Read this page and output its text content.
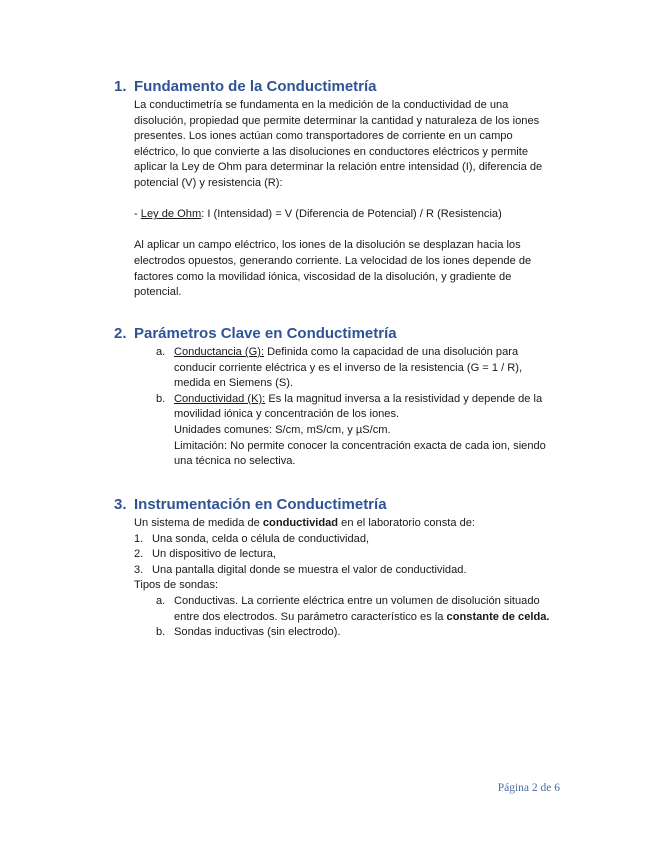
1. Fundamento de la Conductimetría

La conductimetría se fundamenta en la medición de la conductividad de una disolución, propiedad que permite determinar la cantidad y naturaleza de los iones presentes. Los iones actúan como transportadores de corriente en un campo eléctrico, lo que convierte a las disoluciones en conductores eléctricos y permite aplicar la Ley de Ohm para determinar la relación entre intensidad (I), diferencia de potencial (V) y resistencia (R):

- Ley de Ohm: I (Intensidad) = V (Diferencia de Potencial) / R (Resistencia)

Al aplicar un campo eléctrico, los iones de la disolución se desplazan hacia los electrodos opuestos, generando corriente. La velocidad de los iones depende de factores como la movilidad iónica, viscosidad de la disolución, y gradiente de potencial.

2. Parámetros Clave en Conductimetría
a. Conductancia (G): Definida como la capacidad de una disolución para conducir corriente eléctrica y es el inverso de la resistencia (G = 1 / R), medida en Siemens (S).
b. Conductividad (K): Es la magnitud inversa a la resistividad y depende de la movilidad iónica y concentración de los iones.
Unidades comunes: S/cm, mS/cm, y µS/cm.
Limitación: No permite conocer la concentración exacta de cada ion, siendo una técnica no selectiva.
3. Instrumentación en Conductimetría

Un sistema de medida de conductividad en el laboratorio consta de:

1. Una sonda, celda o célula de conductividad,
2. Un dispositivo de lectura,
3. Una pantalla digital donde se muestra el valor de conductividad.

Tipos de sondas:

a. Conductivas. La corriente eléctrica entre un volumen de disolución situado entre dos electrodos. Su parámetro característico es la constante de celda.
b. Sondas inductivas (sin electrodo).
Página 2 de 6
